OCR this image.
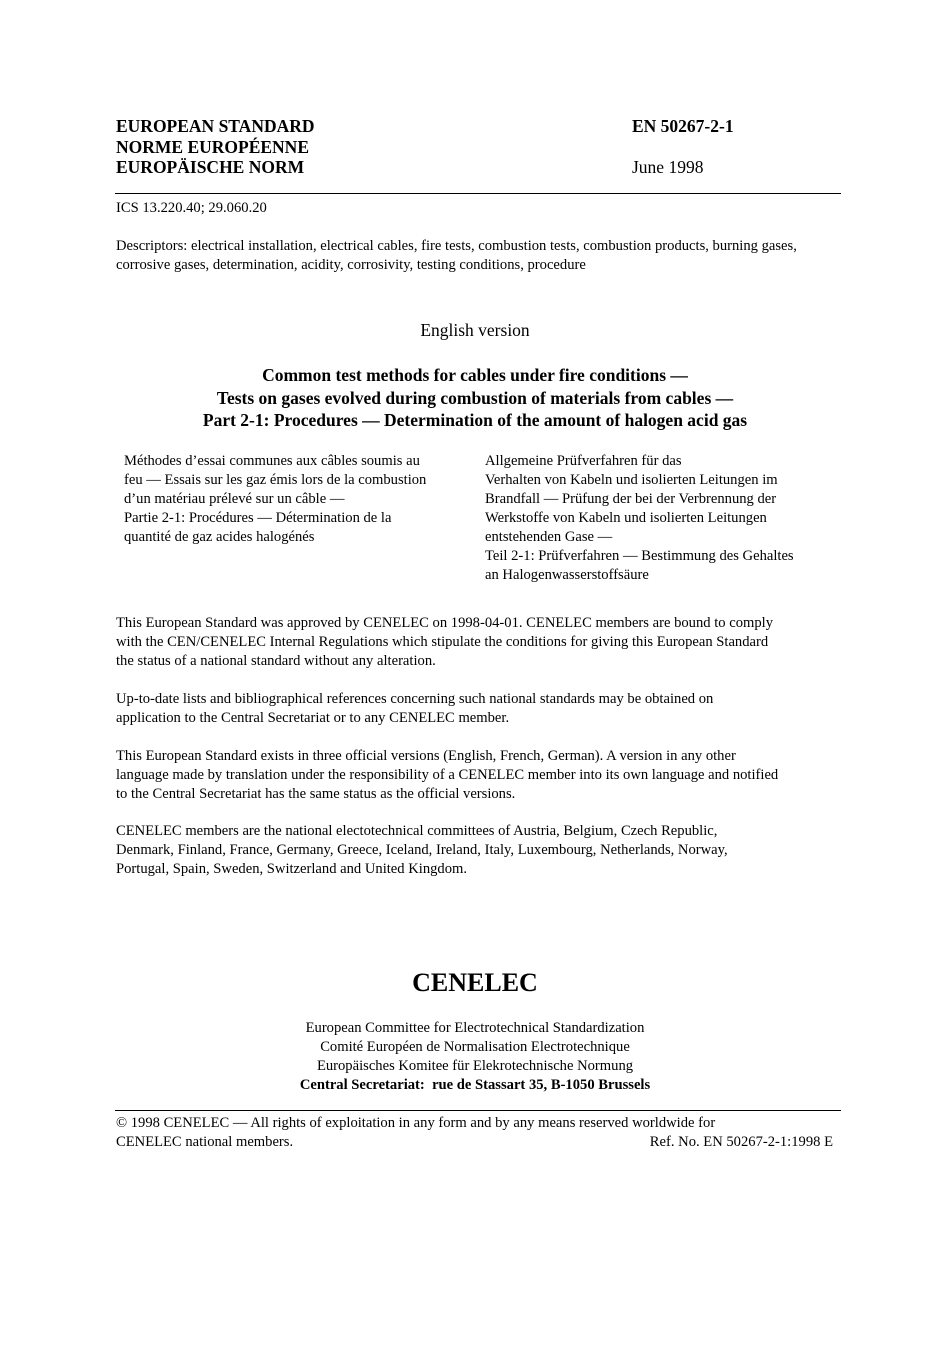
EUROPEAN STANDARD
NORME EUROPÉENNE
EUROPÄISCHE NORM
EN 50267-2-1
June 1998
ICS 13.220.40; 29.060.20
Descriptors: electrical installation, electrical cables, fire tests, combustion tests, combustion products, burning gases, corrosive gases, determination, acidity, corrosivity, testing conditions, procedure
English version
Common test methods for cables under fire conditions —
Tests on gases evolved during combustion of materials from cables —
Part 2-1: Procedures — Determination of the amount of halogen acid gas
Méthodes d’essai communes aux câbles soumis au
feu — Essais sur les gaz émis lors de la combustion
d’un matériau prélevé sur un câble —
Partie 2-1: Procédures — Détermination de la
quantité de gaz acides halogénés
Allgemeine Prüfverfahren für das
Verhalten von Kabeln und isolierten Leitungen im
Brandfall — Prüfung der bei der Verbrennung der
Werkstoffe von Kabeln und isolierten Leitungen
entstehenden Gase —
Teil 2-1: Prüfverfahren — Bestimmung des Gehaltes
an Halogenwasserstoffsäure
This European Standard was approved by CENELEC on 1998-04-01. CENELEC members are bound to comply
with the CEN/CENELEC Internal Regulations which stipulate the conditions for giving this European Standard
the status of a national standard without any alteration.
Up-to-date lists and bibliographical references concerning such national standards may be obtained on
application to the Central Secretariat or to any CENELEC member.
This European Standard exists in three official versions (English, French, German). A version in any other
language made by translation under the responsibility of a CENELEC member into its own language and notified
to the Central Secretariat has the same status as the official versions.
CENELEC members are the national electotechnical committees of Austria, Belgium, Czech Republic,
Denmark, Finland, France, Germany, Greece, Iceland, Ireland, Italy, Luxembourg, Netherlands, Norway,
Portugal, Spain, Sweden, Switzerland and United Kingdom.
CENELEC
European Committee for Electrotechnical Standardization
Comité Européen de Normalisation Electrotechnique
Europäisches Komitee für Elekrotechnische Normung
Central Secretariat:  rue de Stassart 35, B-1050 Brussels
© 1998 CENELEC — All rights of exploitation in any form and by any means reserved worldwide for
CENELEC national members.	Ref. No. EN 50267-2-1:1998 E
